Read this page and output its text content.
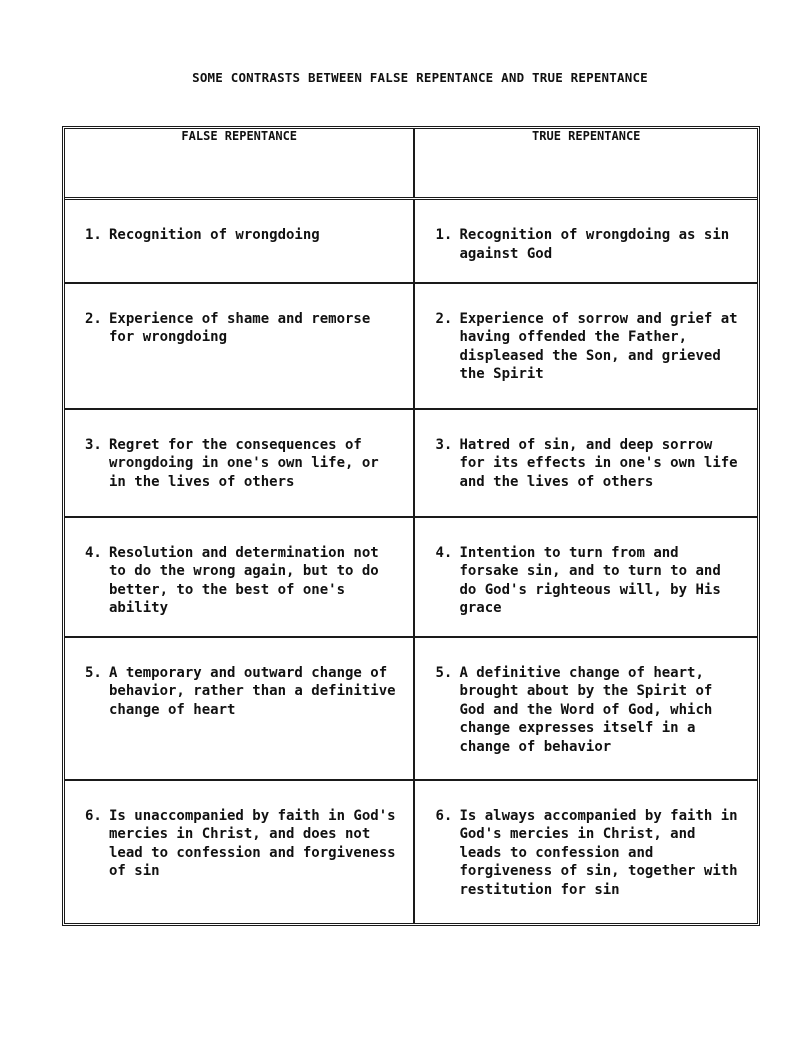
SOME CONTRASTS BETWEEN FALSE REPENTANCE AND TRUE REPENTANCE
FALSE REPENTANCE	TRUE REPENTANCE

1. Recognition of wrongdoing	1. Recognition of wrongdoing as sin against God

2. Experience of shame and remorse for wrongdoing	2. Experience of sorrow and grief at having offended the Father, displeased the Son, and grieved the Spirit

3. Regret for the consequences of wrongdoing in one's own life, or in the lives of others	3. Hatred of sin, and deep sorrow for its effects in one's own life and the lives of others

4. Resolution and determination not to do the wrong again, but to do better, to the best of one's ability	4. Intention to turn from and forsake sin, and to turn to and do God's righteous will, by His grace

5. A temporary and outward change of behavior, rather than a definitive change of heart	5. A definitive change of heart, brought about by the Spirit of God and the Word of God, which change expresses itself in a change of behavior

6. Is unaccompanied by faith in God's mercies in Christ, and does not lead to confession and forgiveness of sin	6. Is always accompanied by faith in God's mercies in Christ, and leads to confession and forgiveness of sin, together with restitution for sin
